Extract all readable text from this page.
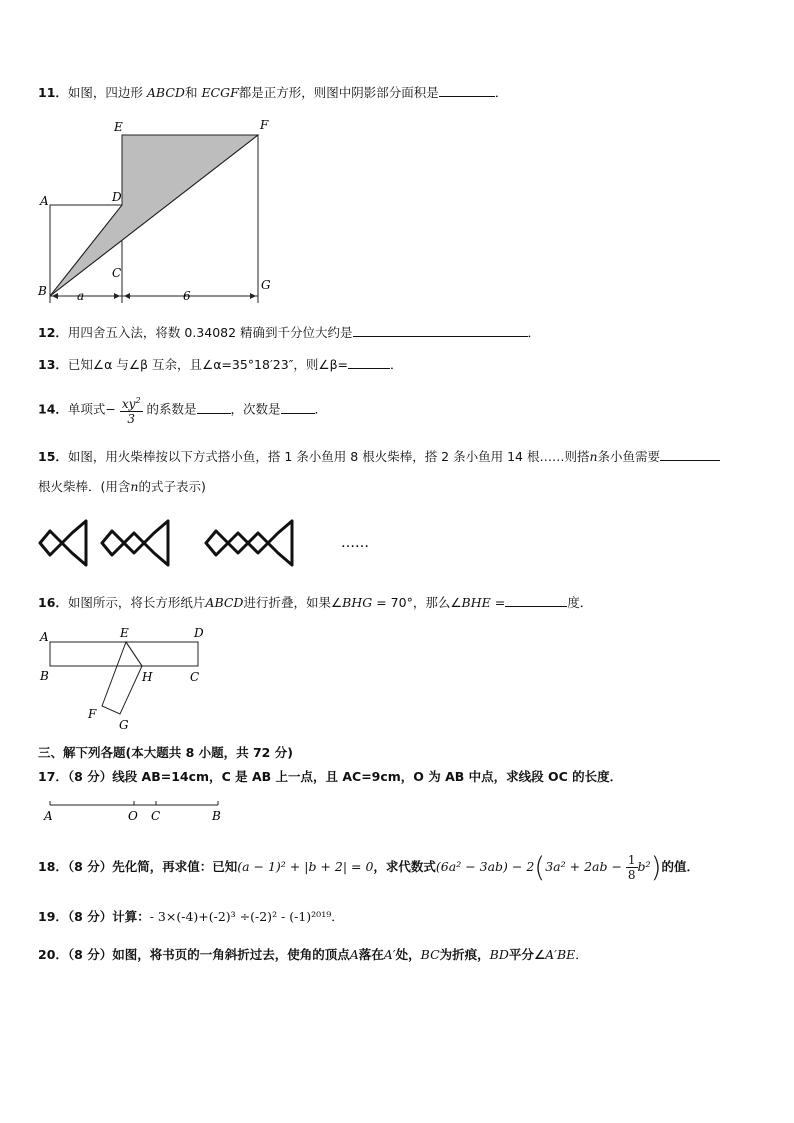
11．如图，四边形 ABCD和 ECGF都是正方形，则图中阴影部分面积是	．
E	F
A	D
C
B	G
a	6
12．用四舍五入法，将数 0.34082 精确到千分位大约是	．
13．已知∠α 与∠β 互余，且∠α=35°18′23″，则∠β=	．
14．单项式− $\frac{xy^2}{3}$ 的系数是	，次数是	．
15．如图，用火柴棒按以下方式搭小鱼，搭 1 条小鱼用 8 根火柴棒，搭 2 条小鱼用 14 根……则搭n条小鱼需要
根火柴棒．(用含n的式子表示)
……
16．如图所示，将长方形纸片ABCD进行折叠，如果∠BHG = 70°，那么∠BHE =	度．
A	E	D
B	H	C
F
G
三、解下列各题(本大题共 8 小题，共 72 分)
17．（8 分）线段 AB=14cm，C 是 AB 上一点，且 AC=9cm，O 为 AB 中点，求线段 OC 的长度．
A	O C	B
18．（8 分）先化简，再求值：已知(a − 1)² + |b + 2| = 0，求代数式$(6a^2 - 3ab) - 2(3a^2 + 2ab - \frac{1}{8} b^2)$的值．
19．（8 分）计算：- 3×(-4)+(-2)³ ÷(-2)² - (-1)²⁰¹⁹．
20．（8 分）如图，将书页的一角斜折过去，使角的顶点A落在A′处，BC为折痕，BD平分∠A′BE．
